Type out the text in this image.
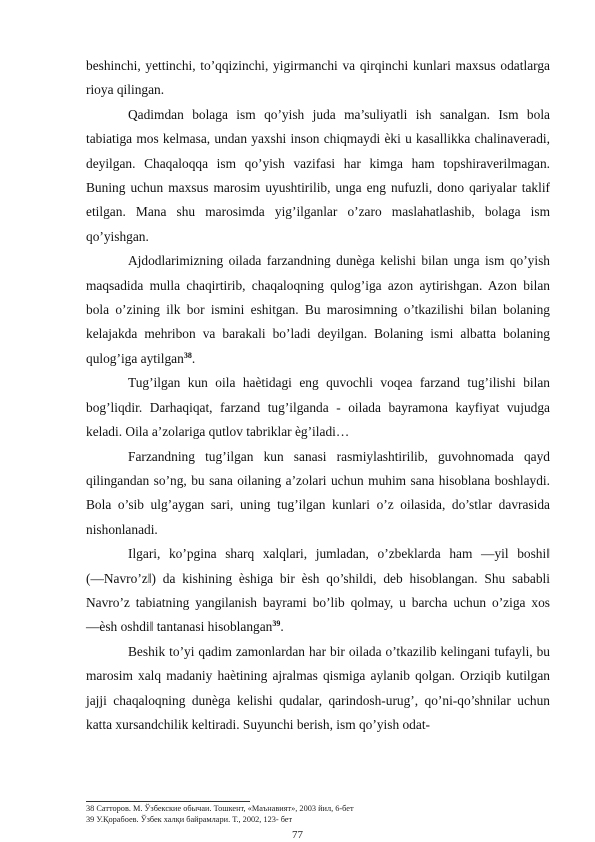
beshinchi, yettinchi, to’qqizinchi, yigirmanchi va qirqinchi kunlari maxsus odatlarga rioya qilingan.

Qadimdan bolaga ism qo’yish juda ma’suliyatli ish sanalgan. Ism bola tabiatiga mos kelmasa, undan yaxshi inson chiqmaydi ѐki u kasallikka chalinaveradi, deyilgan. Chaqaloqqa ism qo’yish vazifasi har kimga ham topshiraverilmagan. Buning uchun maxsus marosim uyushtirilib, unga eng nufuzli, dono qariyalar taklif etilgan. Mana shu marosimda yig’ilganlar o’zaro maslahatlashib, bolaga ism qo’yishgan.

Ajdodlarimizning oilada farzandning dunѐga kelishi bilan unga ism qo’yish maqsadida mulla chaqirtirib, chaqaloqning qulog’iga azon aytirishgan. Azon bilan bola o’zining ilk bor ismini eshitgan. Bu marosimning o’tkazilishi bilan bolaning kelajakda mehribon va barakali bo’ladi deyilgan. Bolaning ismi albatta bolaning qulog’iga aytilgan$^{38}$.

Tug’ilgan kun oila haѐtidagi eng quvochli voqea farzand tug’ilishi bilan bog’liqdir. Darhaqiqat, farzand tug’ilganda - oilada bayramona kayfiyat vujudga keladi. Oila a’zolariga qutlov tabriklar ѐg’iladi…

Farzandning tug’ilgan kun sanasi rasmiylashtirilib, guvohnomada qayd qilingandan so’ng, bu sana oilaning a’zolari uchun muhim sana hisoblana boshlaydi. Bola o’sib ulg’aygan sari, uning tug’ilgan kunlari o’z oilasida, do’stlar davrasida nishonlanadi.

Ilgari, ko’pgina sharq xalqlari, jumladan, o’zbeklarda ham ―yil boshi‖ (―Navro’z‖) da kishining ѐshiga bir ѐsh qo’shildi, deb hisoblangan. Shu sababli Navro’z tabiatning yangilanish bayrami bo’lib qolmay, u barcha uchun o’ziga xos ―ѐsh oshdi‖ tantanasi hisoblangan$^{39}$.

Beshik to’yi qadim zamonlardan har bir oilada o’tkazilib kelingani tufayli, bu marosim xalq madaniy haѐtining ajralmas qismiga aylanib qolgan. Orziqib kutilgan jajji chaqaloqning dunѐga kelishi qudalar, qarindosh-urug’, qo’ni-qo’shnilar uchun katta xursandchilik keltiradi. Suyunchi berish, ism qo’yish odat-

38 Сатторов. М. Ўзбекские обычаи. Тошкент, «Маънавият», 2003 йил, 6-бет
39 У.Қорабоев. Ўзбек халқи байрамлари. Т., 2002, 123- бет
77
